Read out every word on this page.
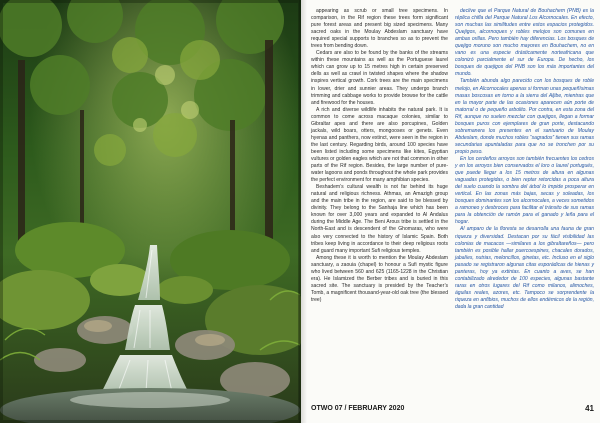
appearing as scrub or small tree specimens. In comparison, in the Rif region these trees form significant pure forest areas and present big sized specimens. Many sacred oaks in the Moulay Abdeslam sanctuary have required special supports to branches so as to prevent the trees from bending down.

Cedars are also to be found by the banks of the streams within these mountains as well as the Portuguese laurel which can grow up to 15 metres high in certain preserved dells as well as crawl in twisted shapes where the shadow inspires vertical growth. Cork trees are the main specimens in lower, drier and sunnier areas. They undergo branch trimming and cabbage works to provide browse for the cattle and firewood for the houses.

A rich and diverse wildlife inhabits the natural park. It is common to come across macaque colonies, similar to Gibraltar apes and there are also porcupines, Golden jackals, wild boars, otters, mongooses or genets. Even hyenas and panthers, now extinct, were seen in the region in the last century. Regarding birds, around 100 species have been listed including some specimens like kites, Egyptian vultures or golden eagles which are not that common in other parts of the Rif region. Besides, the large number of pure-water lagoons and ponds throughout the whole park provides the perfect environment for many amphibian species.

Beshadem’s cultural wealth is not far behind its huge natural and religious richness. Athmas, an Amazigh group and the main tribe in the region, are said to be blessed by divinity. They belong to the Sanhaja line which has been known for over 3,000 years and expanded to Al Andalus during the Middle Age. The Beni Arous tribe is settled in the North-East and is descendent of the Ghomaras, who were also very connected to the history of Islamic Spain. Both tribes keep living in accordance to their deep religious roots and guard many important Sufi religious temples.

Among these it is worth to mention the Moulay Abdeslam sanctuary, a zaouia (chapel) to honour a Sufi mystic figure who lived between 560 and 625 (1165-1228 in the Christian era). He Islamized the Berber tribes and is buried in this sacred site. The sanctuary is presided by the Teacher’s Tomb, a magnificent thousand-year-old oak tree (the blessed tree)

declive que el Parque Natural de Bouhachem (PNB) es la réplica chifla del Parque Natural Los Alcornocales. En efecto, son muchas las similitudes entre estos espacios protegidos. Quejigos, alcornoques y robles melojos son comunes en ambas orillas. Pero también hay diferencias. Los bosques de quejigo moruno son mucho mayores en Bouhachem, no en vano es una especie drásticamente norteafricana que colonizó parcialmente el sur de Europa. De hecho, los bosques de quejigos del PNB son los más importantes del mundo.

También abunda algo parecido con los bosques de roble melojo, en Alcornocales apenas si forman unas pequeñísimas masas boscosas en torno a la sierra del Aljibe, mientras que en la mayor parte de las ocasiones aparecen aún porte de matorral o de pequeño arbolito. Por contra, en esta zona del Rif, aunque no suelen mezclar con quejigos, llegan a formar bosques puros con ejemplares de gran porte, destacando sobremanera los presentes en el santuario de Moulay Abdeslam, donde muchos robles “sagrados” tienen sus ramas secundarias apuntaladas para que no se tronchen por su propio peso.

En los cerdeños arroyos son también frecuentes los cedros y en los arroyos bien conservados el loro o laurel portugués, que puede llegar a los 15 metros de altura en algunas vaguadas protegidas, o bien reptar retorcidas a poca altura del suelo cuando la sombra del árbol lo impide prosperar en vertical. En las zonas más bajas, secas y soleadas, los bosques dominantes son los alcornocales, a veces sometidos a ramoneo y desbroces para facilitar el tránsito de sus ramas para la obtención de ramón para el ganado y leña para el hogar.

Al amparo de la floresta se desarrolla una fauna de gran riqueza y diversidad. Destacan por su fácil visibilidad las colonias de macacos —similares a los gibraltareños— pero también es posible hallar puercoespines, chacales dorados, jabalíes, nutrias, meloncillos, ginetas, etc. Incluso en el siglo pasado se registraron algunas citas esporádicas de hienas y panteras, hoy ya extintas. En cuanto a aves, se han contabilizado alrededor de 100 especies, algunas bastante raras en otros lugares del Rif como milanos, alimoches, águilas reales, azores, etc. Tampoco se sorprendente la riqueza en anfibios, muchos de ellos endémicos de la región, dada la gran cantidad

OTWO 07 / FEBRUARY 2020	41
